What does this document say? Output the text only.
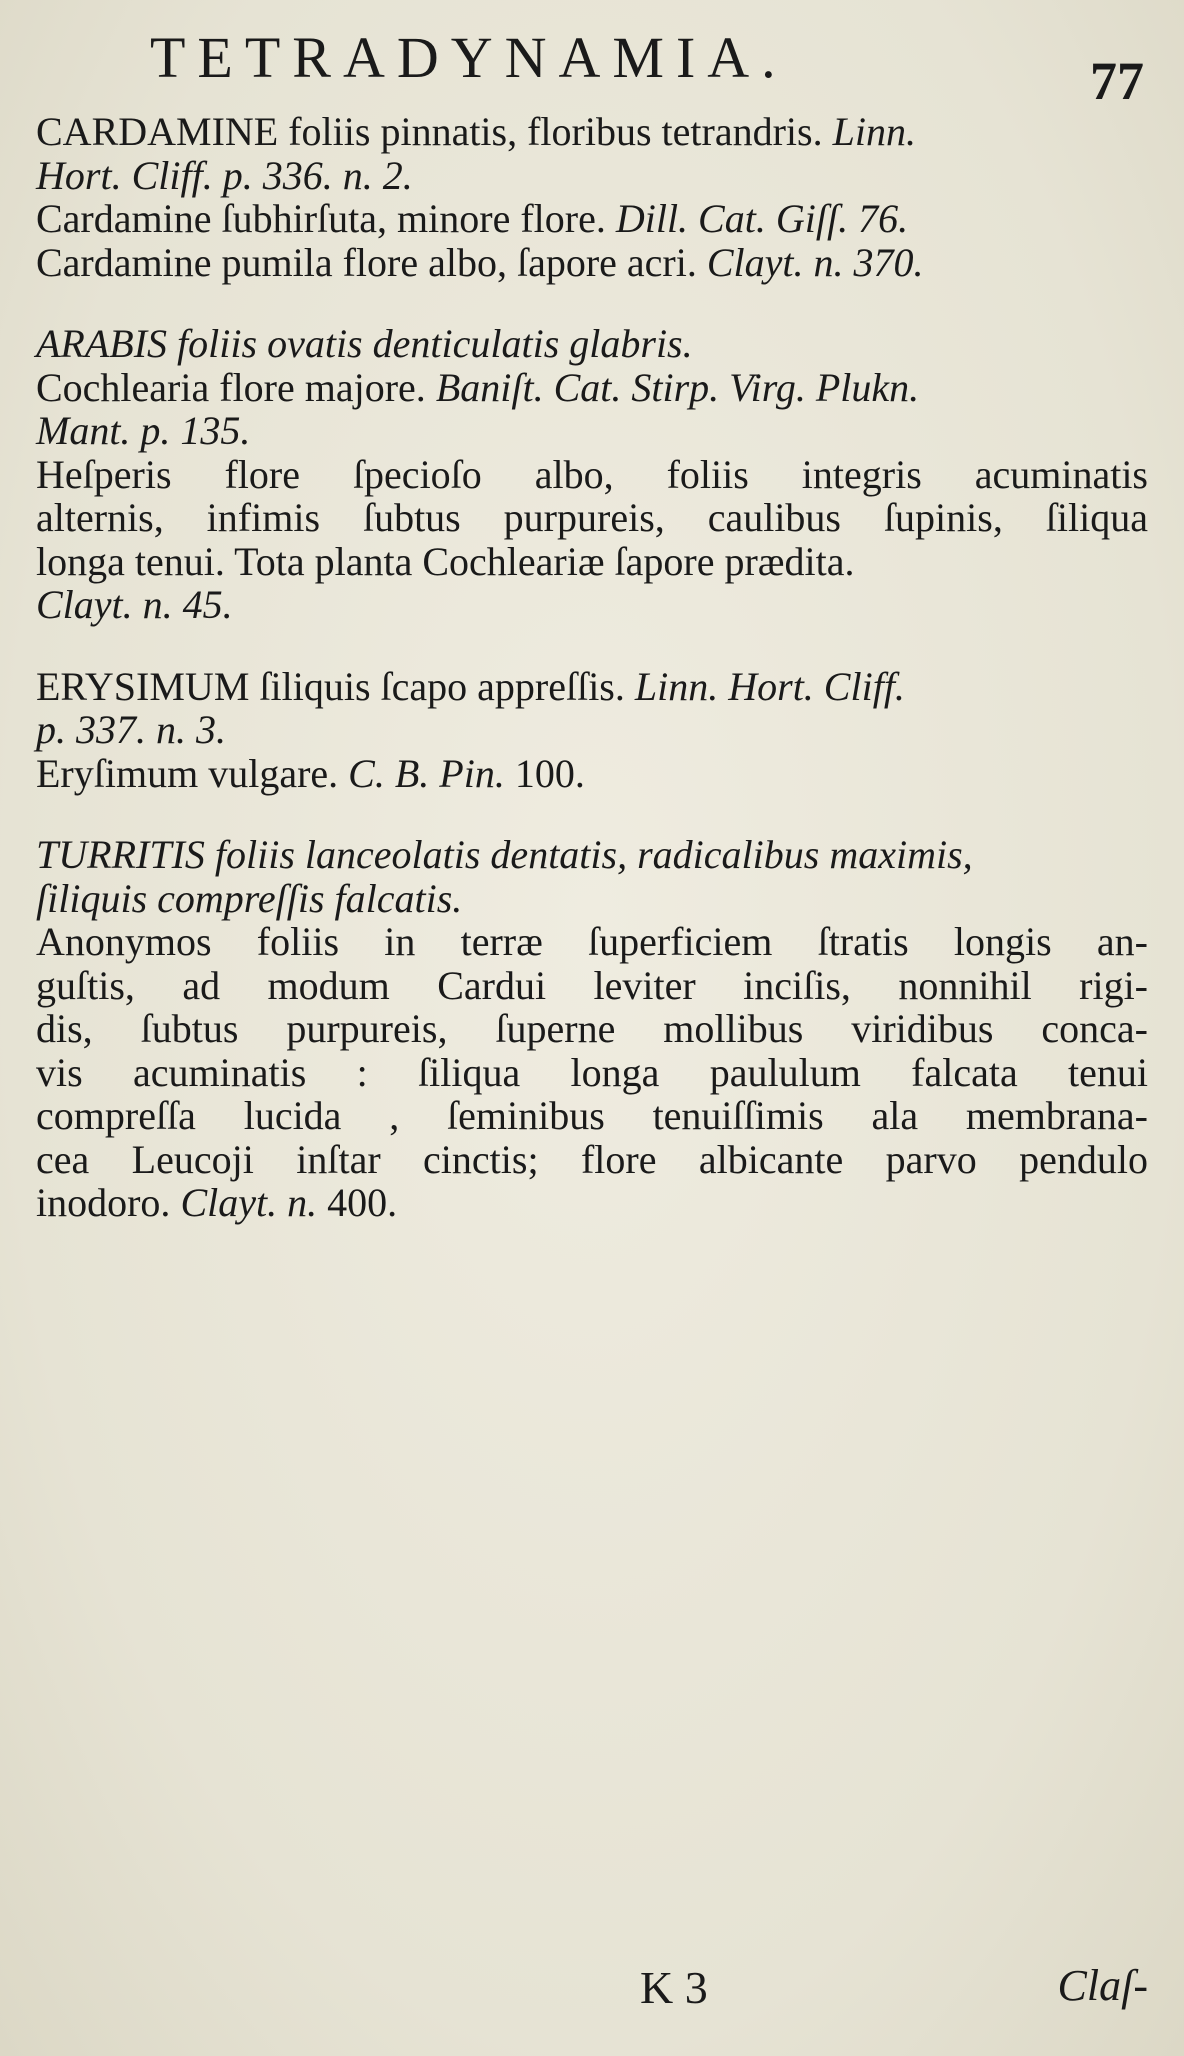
TETRADYNAMIA.	77
CARDAMINE foliis pinnatis, floribus tetrandris. Linn.
Hort. Cliff. p. 336. n. 2.
Cardamine ſubhirſuta, minore flore. Dill. Cat. Giſſ. 76.
Cardamine pumila flore albo, ſapore acri. Clayt. n. 370.
ARABIS foliis ovatis denticulatis glabris.
Cochlearia flore majore. Baniſt. Cat. Stirp. Virg. Plukn.
Mant. p. 135.
Heſperis flore ſpecioſo albo, foliis integris acuminatis
alternis, infimis ſubtus purpureis, caulibus ſupinis, ſiliqua
longa tenui. Tota planta Cochleariæ ſapore prædita.
Clayt. n. 45.
ERYSIMUM ſiliquis ſcapo appreſſis. Linn. Hort. Cliff.
p. 337. n. 3.
Eryſimum vulgare. C. B. Pin. 100.
TURRITIS foliis lanceolatis dentatis, radicalibus maximis,
ſiliquis compreſſis falcatis.
Anonymos foliis in terræ ſuperficiem ſtratis longis an-
guſtis, ad modum Cardui leviter inciſis, nonnihil rigi-
dis, ſubtus purpureis, ſuperne mollibus viridibus conca-
vis acuminatis : ſiliqua longa paululum falcata tenui
compreſſa lucida , ſeminibus tenuiſſimis ala membrana-
cea Leucoji inſtar cinctis; flore albicante parvo pendulo
inodoro. Clayt. n. 400.
K 3	Claſ-
